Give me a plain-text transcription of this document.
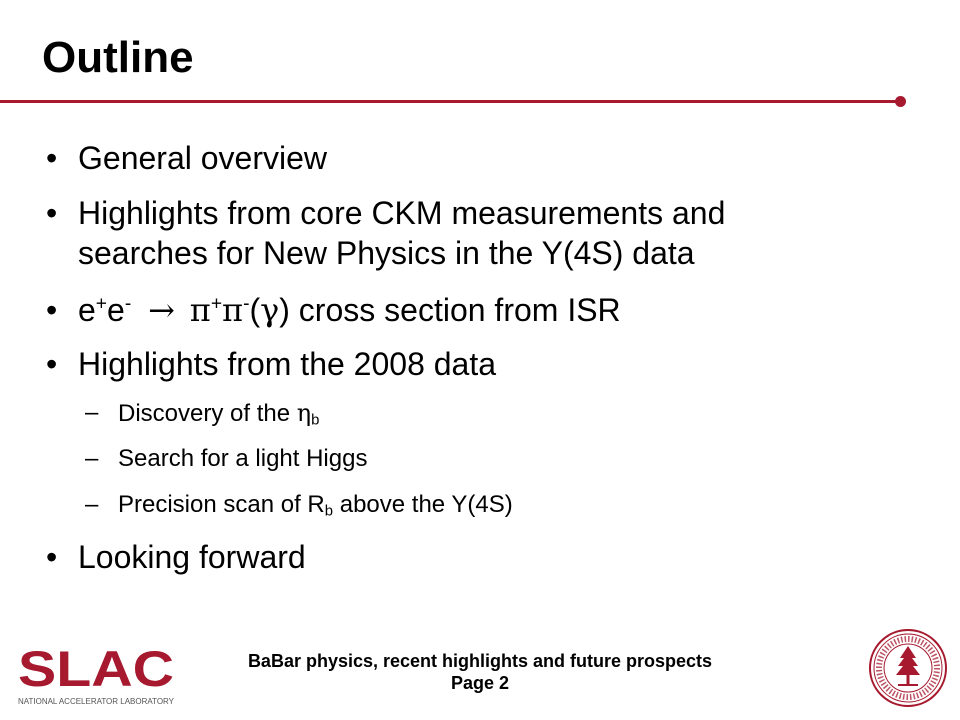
Outline
• General overview
• Highlights from core CKM measurements and
searches for New Physics in the Y(4S) data
• e+e- → π+π-(γ) cross section from ISR
• Highlights from the 2008 data
– Discovery of the $\eta_b$
– Search for a light Higgs
– Precision scan of $R_b$ above the Y(4S)
• Looking forward
BaBar physics, recent highlights and future prospects
Page 2
SLAC
NATIONAL ACCELERATOR LABORATORY
